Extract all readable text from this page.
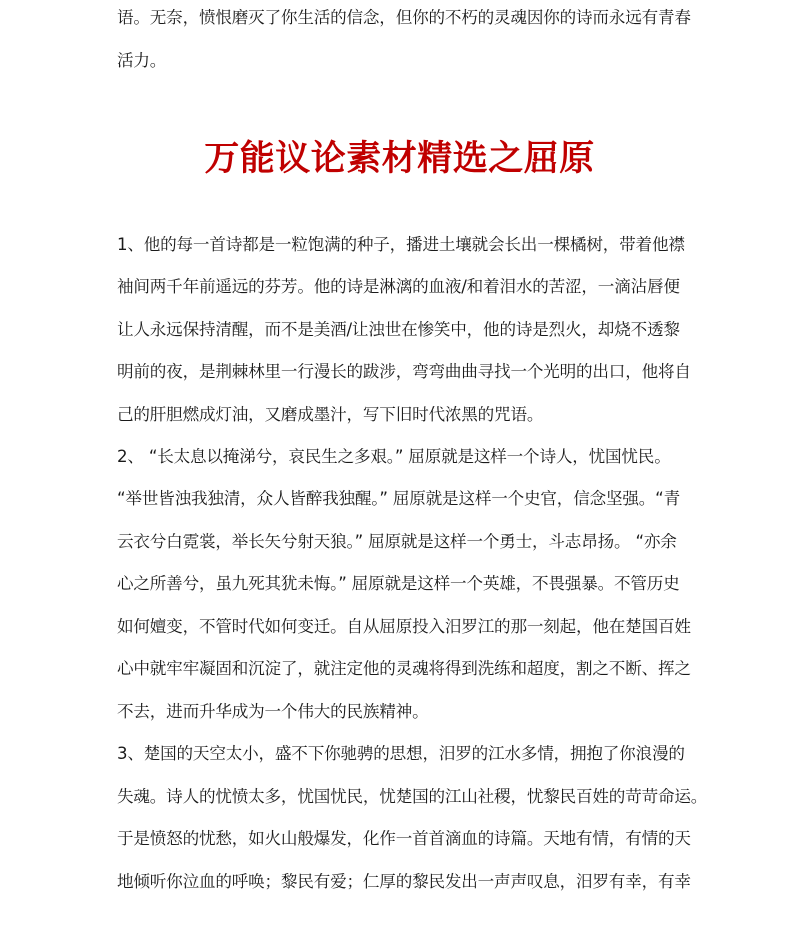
语。无奈，愤恨磨灭了你生活的信念，但你的不朽的灵魂因你的诗而永远有青春
活力。
万能议论素材精选之屈原
1、他的每一首诗都是一粒饱满的种子，播进土壤就会长出一棵橘树，带着他襟
袖间两千年前遥远的芬芳。他的诗是淋漓的血液/和着泪水的苦涩，一滴沾唇便
让人永远保持清醒，而不是美酒/让浊世在惨笑中，他的诗是烈火，却烧不透黎
明前的夜，是荆棘林里一行漫长的跋涉，弯弯曲曲寻找一个光明的出口，他将自
己的肝胆燃成灯油，又磨成墨汁，写下旧时代浓黑的咒语。
2、 “长太息以掩涕兮，哀民生之多艰。” 屈原就是这样一个诗人，忧国忧民。
“举世皆浊我独清，众人皆醉我独醒。” 屈原就是这样一个史官，信念坚强。“青
云衣兮白霓裳，举长矢兮射天狼。” 屈原就是这样一个勇士，斗志昂扬。 “亦余
心之所善兮，虽九死其犹未悔。” 屈原就是这样一个英雄，不畏强暴。不管历史
如何嬗变，不管时代如何变迁。自从屈原投入汨罗江的那一刻起，他在楚国百姓
心中就牢牢凝固和沉淀了，就注定他的灵魂将得到洗练和超度，割之不断、挥之
不去，进而升华成为一个伟大的民族精神。
3、楚国的天空太小，盛不下你驰骋的思想，汨罗的江水多情，拥抱了你浪漫的
失魂。诗人的忧愤太多，忧国忧民，忧楚国的江山社稷，忧黎民百姓的苛苛命运。
于是愤怒的忧愁，如火山般爆发，化作一首首滴血的诗篇。天地有情，有情的天
地倾听你泣血的呼唤；黎民有爱；仁厚的黎民发出一声声叹息，汨罗有幸，有幸
